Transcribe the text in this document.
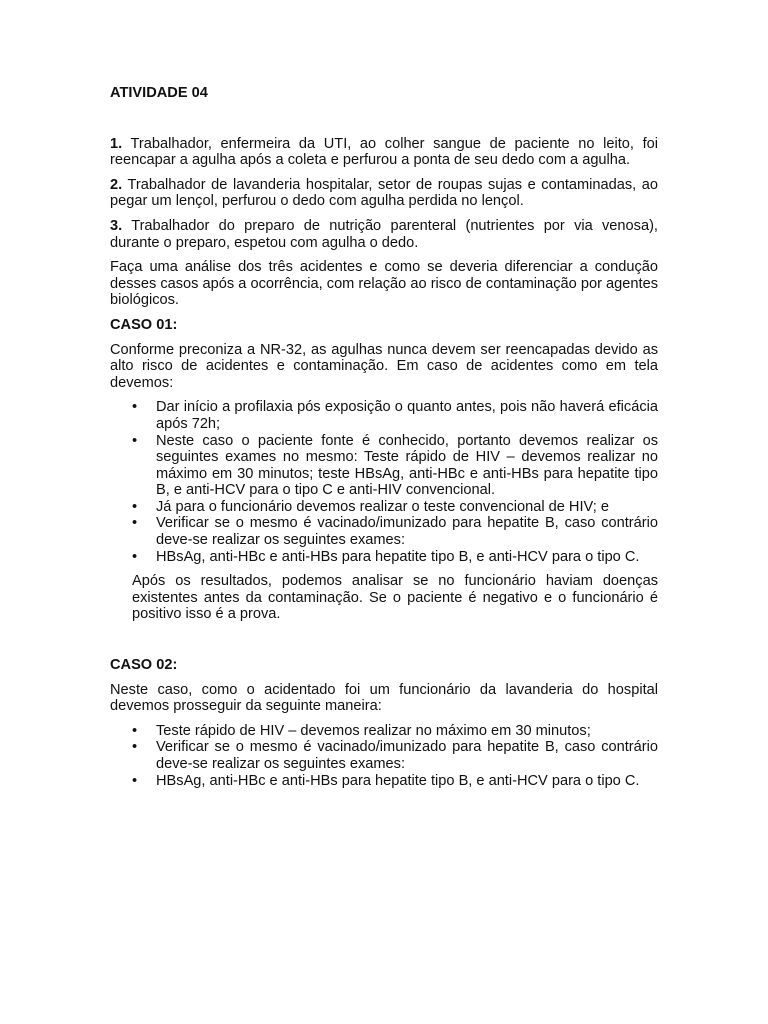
ATIVIDADE 04

1. Trabalhador, enfermeira da UTI, ao colher sangue de paciente no leito, foi reencapar a agulha após a coleta e perfurou a ponta de seu dedo com a agulha.

2. Trabalhador de lavanderia hospitalar, setor de roupas sujas e contaminadas, ao pegar um lençol, perfurou o dedo com agulha perdida no lençol.

3. Trabalhador do preparo de nutrição parenteral (nutrientes por via venosa), durante o preparo, espetou com agulha o dedo.

Faça uma análise dos três acidentes e como se deveria diferenciar a condução desses casos após a ocorrência, com relação ao risco de contaminação por agentes biológicos.

CASO 01:

Conforme preconiza a NR-32, as agulhas nunca devem ser reencapadas devido as alto risco de acidentes e contaminação. Em caso de acidentes como em tela devemos:

• Dar início a profilaxia pós exposição o quanto antes, pois não haverá eficácia após 72h;
• Neste caso o paciente fonte é conhecido, portanto devemos realizar os seguintes exames no mesmo: Teste rápido de HIV – devemos realizar no máximo em 30 minutos; teste HBsAg, anti-HBc e anti-HBs para hepatite tipo B, e anti-HCV para o tipo C e anti-HIV convencional.
• Já para o funcionário devemos realizar o teste convencional de HIV; e
• Verificar se o mesmo é vacinado/imunizado para hepatite B, caso contrário deve-se realizar os seguintes exames:
• HBsAg, anti-HBc e anti-HBs para hepatite tipo B, e anti-HCV para o tipo C.

Após os resultados, podemos analisar se no funcionário haviam doenças existentes antes da contaminação. Se o paciente é negativo e o funcionário é positivo isso é a prova.

CASO 02:

Neste caso, como o acidentado foi um funcionário da lavanderia do hospital devemos prosseguir da seguinte maneira:

• Teste rápido de HIV – devemos realizar no máximo em 30 minutos;
• Verificar se o mesmo é vacinado/imunizado para hepatite B, caso contrário deve-se realizar os seguintes exames:
• HBsAg, anti-HBc e anti-HBs para hepatite tipo B, e anti-HCV para o tipo C.
